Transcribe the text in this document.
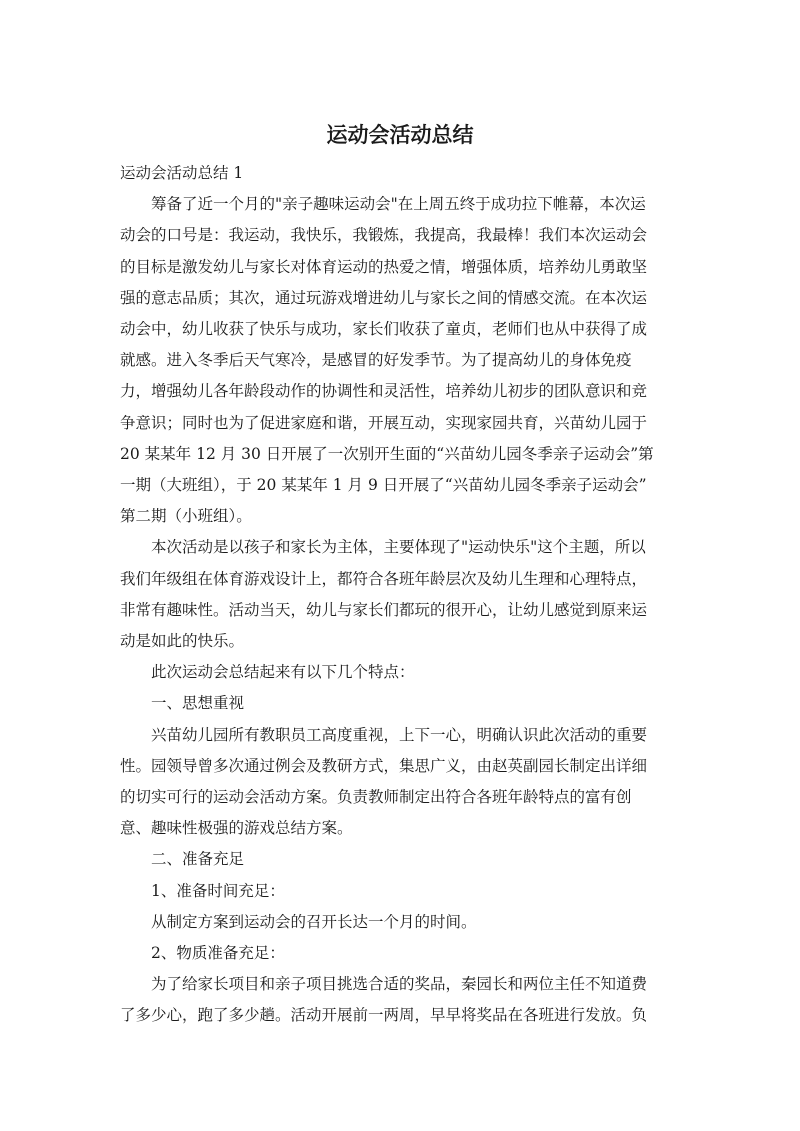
运动会活动总结

运动会活动总结 1

筹备了近一个月的"亲子趣味运动会"在上周五终于成功拉下帷幕，本次运

动会的口号是：我运动，我快乐，我锻炼，我提高，我最棒！我们本次运动会

的目标是激发幼儿与家长对体育运动的热爱之情，增强体质，培养幼儿勇敢坚

强的意志品质；其次，通过玩游戏增进幼儿与家长之间的情感交流。在本次运

动会中，幼儿收获了快乐与成功，家长们收获了童贞，老师们也从中获得了成

就感。进入冬季后天气寒冷，是感冒的好发季节。为了提高幼儿的身体免疫

力，增强幼儿各年龄段动作的协调性和灵活性，培养幼儿初步的团队意识和竞

争意识；同时也为了促进家庭和谐，开展互动，实现家园共育，兴苗幼儿园于

20 某某年 12 月 30 日开展了一次别开生面的“兴苗幼儿园冬季亲子运动会”第

一期（大班组），于 20 某某年 1 月 9 日开展了“兴苗幼儿园冬季亲子运动会”

第二期（小班组）。

本次活动是以孩子和家长为主体，主要体现了"运动快乐"这个主题，所以

我们年级组在体育游戏设计上，都符合各班年龄层次及幼儿生理和心理特点，

非常有趣味性。活动当天，幼儿与家长们都玩的很开心，让幼儿感觉到原来运

动是如此的快乐。

此次运动会总结起来有以下几个特点：

一、思想重视

兴苗幼儿园所有教职员工高度重视，上下一心，明确认识此次活动的重要

性。园领导曾多次通过例会及教研方式，集思广义，由赵英副园长制定出详细

的切实可行的运动会活动方案。负责教师制定出符合各班年龄特点的富有创

意、趣味性极强的游戏总结方案。

二、准备充足

1、准备时间充足：

从制定方案到运动会的召开长达一个月的时间。

2、物质准备充足：

为了给家长项目和亲子项目挑选合适的奖品，秦园长和两位主任不知道费

了多少心，跑了多少趟。活动开展前一两周，早早将奖品在各班进行发放。负
